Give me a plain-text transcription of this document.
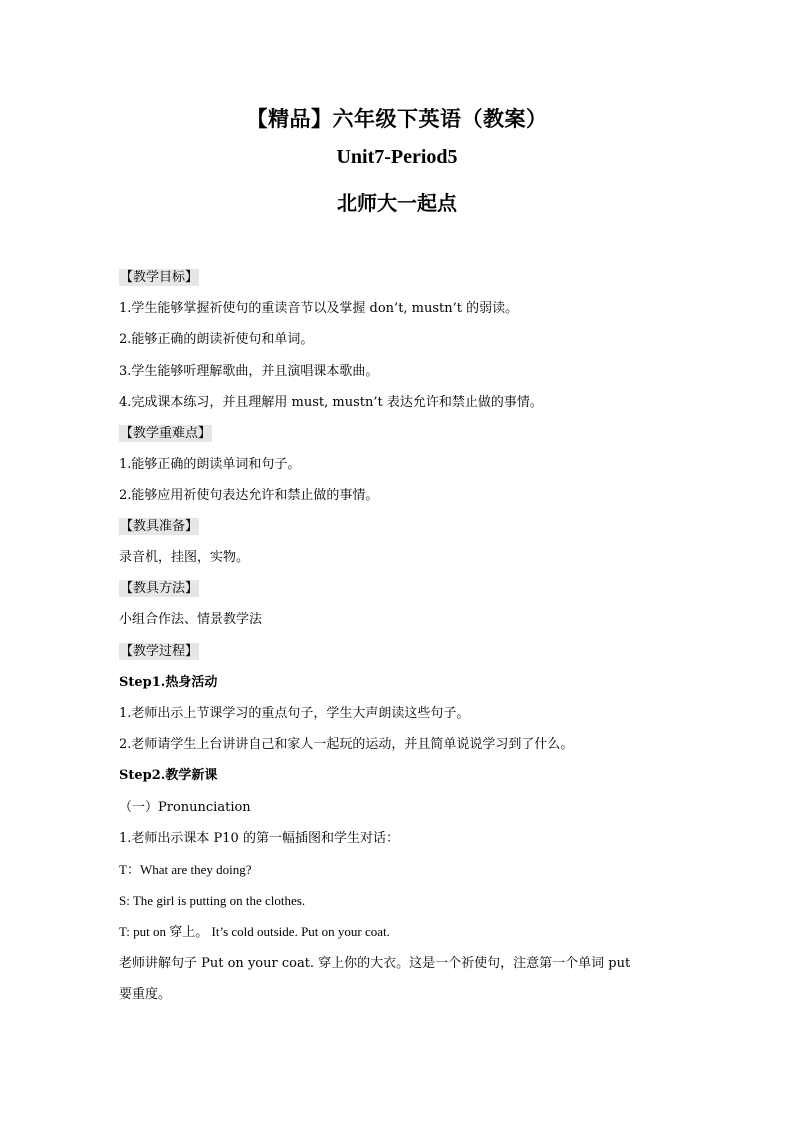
【精品】六年级下英语（教案）
Unit7-Period5
北师大一起点
【教学目标】
1.学生能够掌握祈使句的重读音节以及掌握 don’t, mustn’t 的弱读。
2.能够正确的朗读祈使句和单词。
3.学生能够听理解歌曲，并且演唱课本歌曲。
4.完成课本练习，并且理解用 must, mustn’t 表达允许和禁止做的事情。
【教学重难点】
1.能够正确的朗读单词和句子。
2.能够应用祈使句表达允许和禁止做的事情。
【教具准备】
录音机，挂图，实物。
【教具方法】
小组合作法、情景教学法
【教学过程】
Step1.热身活动
1.老师出示上节课学习的重点句子，学生大声朗读这些句子。
2.老师请学生上台讲讲自己和家人一起玩的运动，并且简单说说学习到了什么。
Step2.教学新课
（一）Pronunciation
1.老师出示课本 P10 的第一幅插图和学生对话：
T：What are they doing?
S: The girl is putting on the clothes.
T: put on 穿上。 It’s cold outside. Put on your coat.
老师讲解句子 Put on your coat. 穿上你的大衣。这是一个祈使句，注意第一个单词 put
要重度。
